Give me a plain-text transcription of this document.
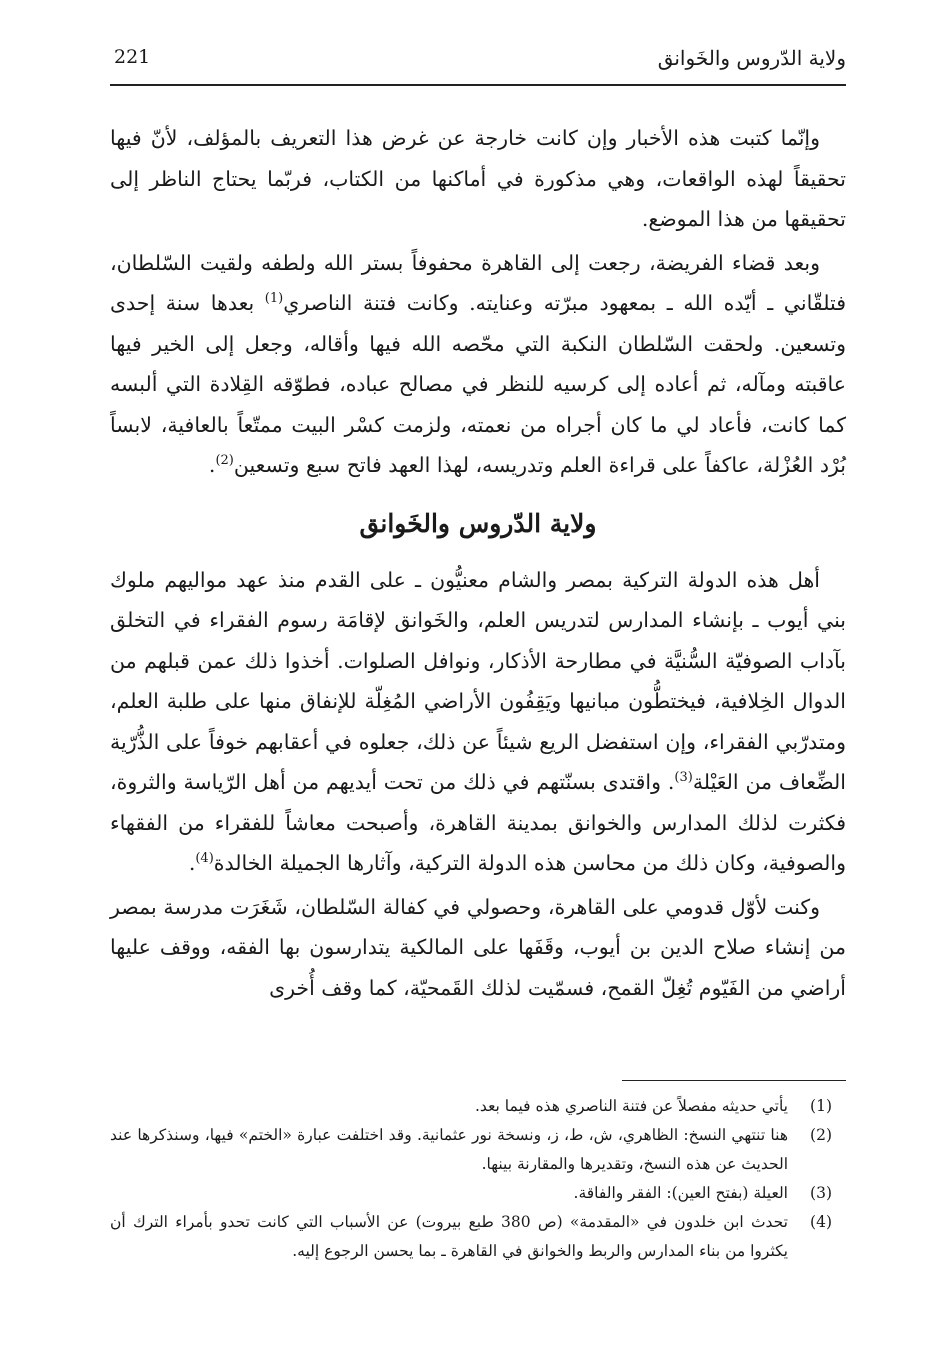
221	ولاية الدّروس والخَوانق

وإنّما كتبت هذه الأخبار وإن كانت خارجة عن غرض هذا التعريف بالمؤلف، لأنّ فيها تحقيقاً لهذه الواقعات، وهي مذكورة في أماكنها من الكتاب، فربّما يحتاج الناظر إلى تحقيقها من هذا الموضع.

وبعد قضاء الفريضة، رجعت إلى القاهرة محفوفاً بستر الله ولطفه ولقيت السّلطان، فتلقّاني ـ أيّده الله ـ بمعهود مبرّته وعنايته. وكانت فتنة الناصري$^{(1)}$ بعدها سنة إحدى وتسعين. ولحقت السّلطان النكبة التي محّصه الله فيها وأقاله، وجعل إلى الخير فيها عاقبته ومآله، ثم أعاده إلى كرسيه للنظر في مصالح عباده، فطوّقه القِلادة التي ألبسه كما كانت، فأعاد لي ما كان أجراه من نعمته، ولزمت كسْر البيت ممتّعاً بالعافية، لابساً بُرْد العُزْلة، عاكفاً على قراءة العلم وتدريسه، لهذا العهد فاتح سبع وتسعين$^{(2)}$.

ولاية الدّروس والخَوانق

أهل هذه الدولة التركية بمصر والشام معنيُّون ـ على القدم منذ عهد مواليهم ملوك بني أيوب ـ بإنشاء المدارس لتدريس العلم، والخَوانق لإقامَة رسوم الفقراء في التخلق بآداب الصوفيّة السُّنيَّة في مطارحة الأذكار، ونوافل الصلوات. أخذوا ذلك عمن قبلهم من الدوال الخِلافية، فيختطُّون مبانيها ويَقِفُون الأراضي المُغِلّة للإنفاق منها على طلبة العلم، ومتدرّبي الفقراء، وإن استفضل الريع شيئاً عن ذلك، جعلوه في أعقابهم خوفاً على الذُّرّية الضِّعاف من العَيْلة$^{(3)}$. واقتدى بسنّتهم في ذلك من تحت أيديهم من أهل الرّياسة والثروة، فكثرت لذلك المدارس والخوانق بمدينة القاهرة، وأصبحت معاشاً للفقراء من الفقهاء والصوفية، وكان ذلك من محاسن هذه الدولة التركية، وآثارها الجميلة الخالدة$^{(4)}$.

وكنت لأوّل قدومي على القاهرة، وحصولي في كفالة السّلطان، شَغَرَت مدرسة بمصر من إنشاء صلاح الدين بن أيوب، وقَفَها على المالكية يتدارسون بها الفقه، ووقف عليها أراضي من الفَيّوم تُغِلّ القمح، فسمّيت لذلك القَمحيّة، كما وقف أُخرى

(1)
يأتي حديثه مفصلاً عن فتنة الناصري هذه فيما بعد.
(2)
هنا تنتهي النسخ: الظاهري، ش، ط، ز، ونسخة نور عثمانية. وقد اختلفت عبارة «الختم» فيها، وسنذكرها عند الحديث عن هذه النسخ، وتقديرها والمقارنة بينها.
(3)
العيلة (بفتح العين): الفقر والفاقة.
(4)
تحدث ابن خلدون في «المقدمة» (ص 380 طبع بيروت) عن الأسباب التي كانت تحدو بأمراء الترك أن يكثروا من بناء المدارس والربط والخوانق في القاهرة ـ بما يحسن الرجوع إليه.
